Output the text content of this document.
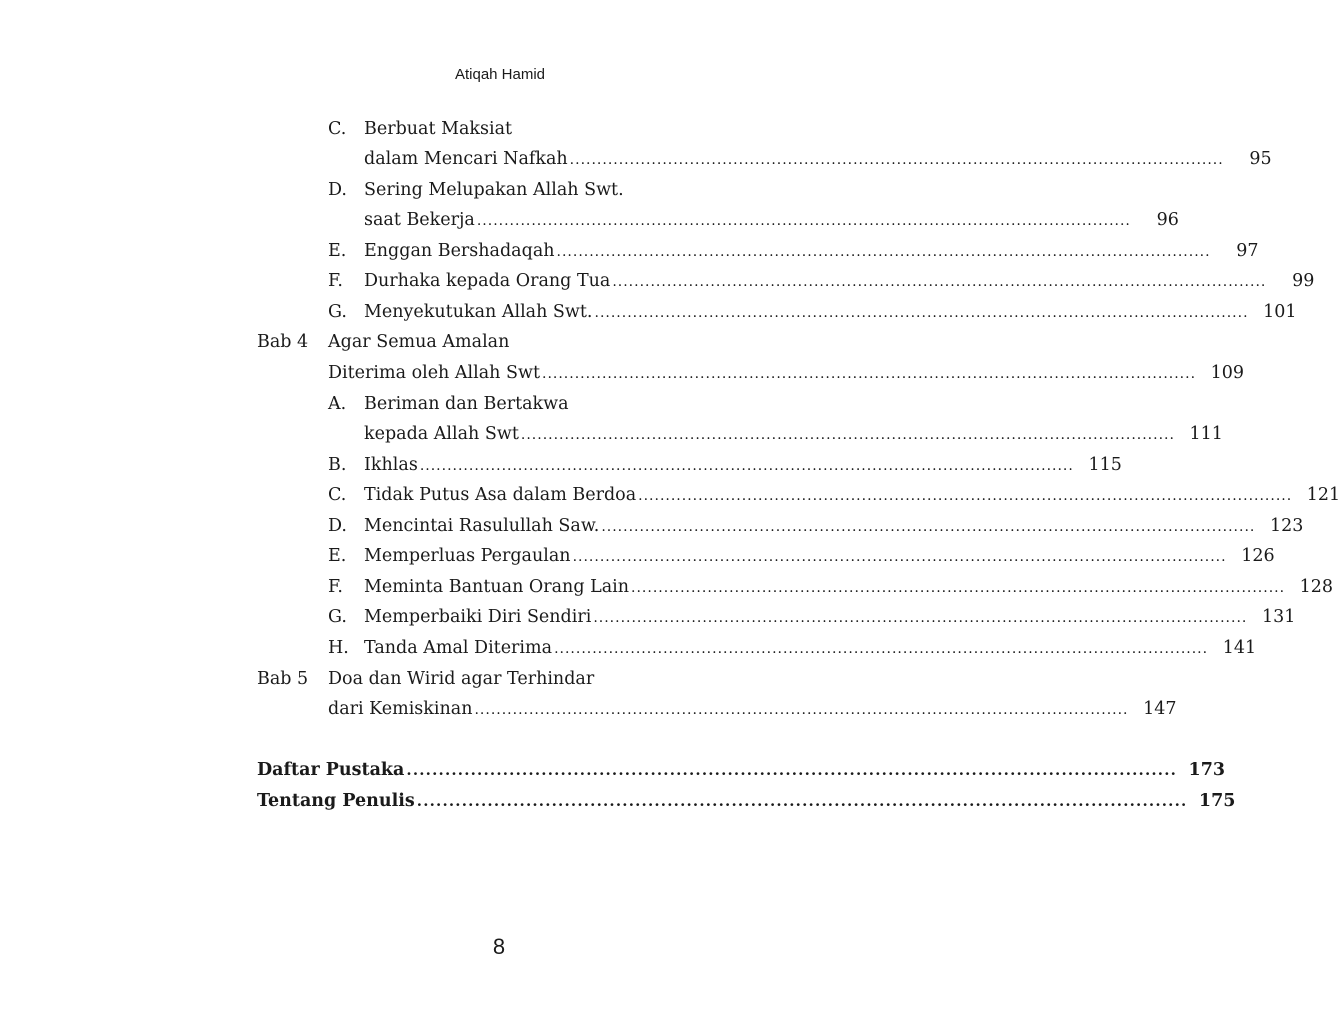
Atiqah Hamid
C. Berbuat Maksiat
dalam Mencari Nafkah ........................................................................................................................	95
D. Sering Melupakan Allah Swt.
saat Bekerja ........................................................................................................................	96
E. Enggan Bershadaqah ........................................................................................................................	97
F. Durhaka kepada Orang Tua ........................................................................................................................	99
G. Menyekutukan Allah Swt. ........................................................................................................................ 101
Bab 4 Agar Semua Amalan
Diterima oleh Allah Swt ........................................................................................................................ 109
A. Beriman dan Bertakwa
kepada Allah Swt ........................................................................................................................ 111
B. Ikhlas ........................................................................................................................ 115
C. Tidak Putus Asa dalam Berdoa ........................................................................................................................ 121
D. Mencintai Rasulullah Saw. ........................................................................................................................ 123
E. Memperluas Pergaulan ........................................................................................................................ 126
F. Meminta Bantuan Orang Lain ........................................................................................................................ 128
G. Memperbaiki Diri Sendiri ........................................................................................................................ 131
H. Tanda Amal Diterima ........................................................................................................................ 141
Bab 5 Doa dan Wirid agar Terhindar
dari Kemiskinan ........................................................................................................................ 147
Daftar Pustaka ........................................................................................................................ 173
Tentang Penulis ........................................................................................................................ 175
8
